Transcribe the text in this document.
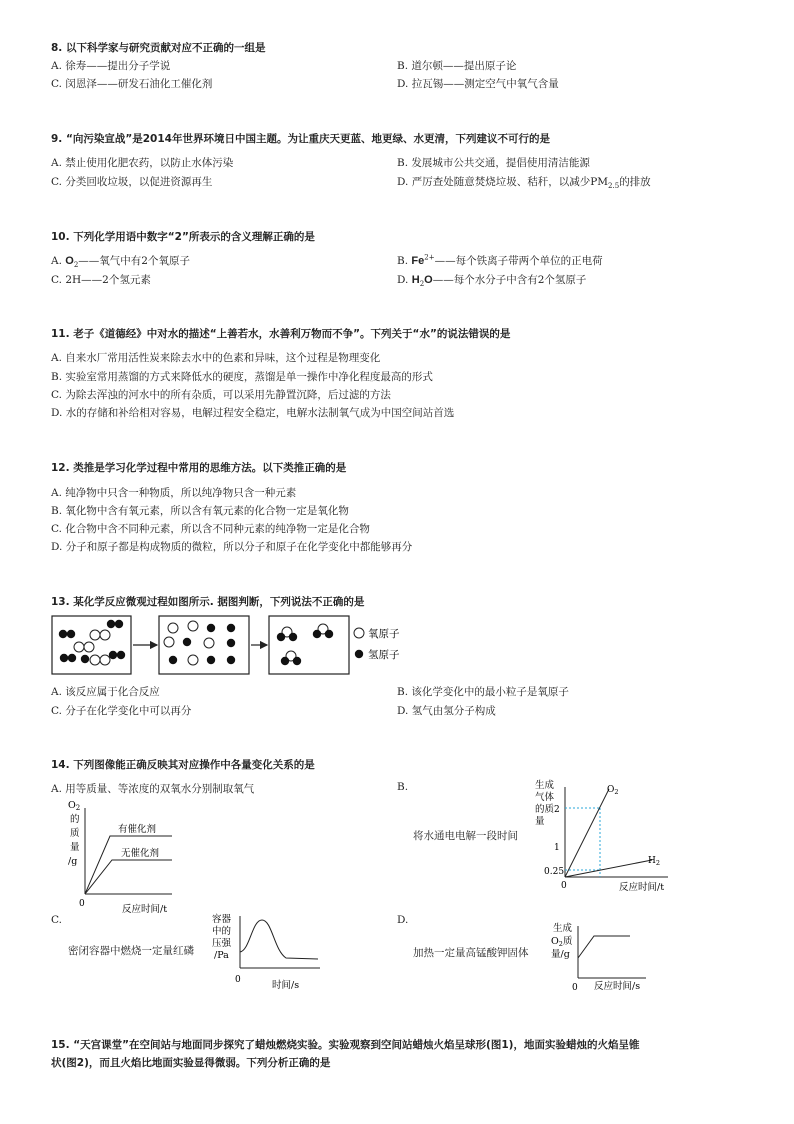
8. 以下科学家与研究贡献对应不正确的一组是
A. 徐寿——提出分子学说	B. 道尔顿——提出原子论
C. 闵恩泽——研发石油化工催化剂	D. 拉瓦锡——测定空气中氧气含量
9. “向污染宣战”是2014年世界环境日中国主题。为让重庆天更蓝、地更绿、水更清，下列建议不可行的是
A. 禁止使用化肥农药，以防止水体污染	B. 发展城市公共交通，提倡使用清洁能源
C. 分类回收垃圾，以促进资源再生	D. 严厉查处随意焚烧垃圾、秸秆，以减少$PM_{2.5}$的排放
10. 下列化学用语中数字“2”所表示的含义理解正确的是
A. $O_2——$氧气中有2个氧原子	B. $Fe^{2+}——$每个铁离子带两个单位的正电荷
C. 2H——2个氢元素	D. $H_2O——$每个水分子中含有2个氢原子
11. 老子《道德经》中对水的描述“上善若水，水善利万物而不争”。下列关于“水”的说法错误的是
A. 自来水厂常用活性炭来除去水中的色素和异味，这个过程是物理变化
B. 实验室常用蒸馏的方式来降低水的硬度，蒸馏是单一操作中净化程度最高的形式
C. 为除去浑浊的河水中的所有杂质，可以采用先静置沉降，后过滤的方法
D. 水的存储和补给相对容易，电解过程安全稳定，电解水法制氧气成为中国空间站首选
12. 类推是学习化学过程中常用的思维方法。以下类推正确的是
A. 纯净物中只含一种物质，所以纯净物只含一种元素
B. 氧化物中含有氧元素，所以含有氧元素的化合物一定是氧化物
C. 化合物中含不同种元素，所以含不同种元素的纯净物一定是化合物
D. 分子和原子都是构成物质的微粒，所以分子和原子在化学变化中都能够再分
13. 某化学反应微观过程如图所示. 据图判断，下列说法不正确的是
氧原子
氢原子
A. 该反应属于化合反应	B. 该化学变化中的最小粒子是氧原子
C. 分子在化学变化中可以再分	D. 氢气由氢分子构成
14. 下列图像能正确反映其对应操作中各量变化关系的是
A. 用等质量、等浓度的双氧水分别制取氧气	B.
将水通电电解一段时间
C.
密闭容器中燃烧一定量红磷
D.
加热一定量高锰酸钾固体
$O_2$
的
质
量
/g
有催化剂
无催化剂
0	反应时间/t
生成
气体
的质
量
$O_2$
$H_2$
2
1
0.25
0	反应时间/t
容器
中的
压强
/Pa
0	时间/s
生成
$O_2$质
量/g
0 反应时间/s
15. “天宫课堂”在空间站与地面同步探究了蜡烛燃烧实验。实验观察到空间站蜡烛火焰呈球形(图1)，地面实验蜡烛的火焰呈锥
状(图2)，而且火焰比地面实验显得微弱。下列分析正确的是
